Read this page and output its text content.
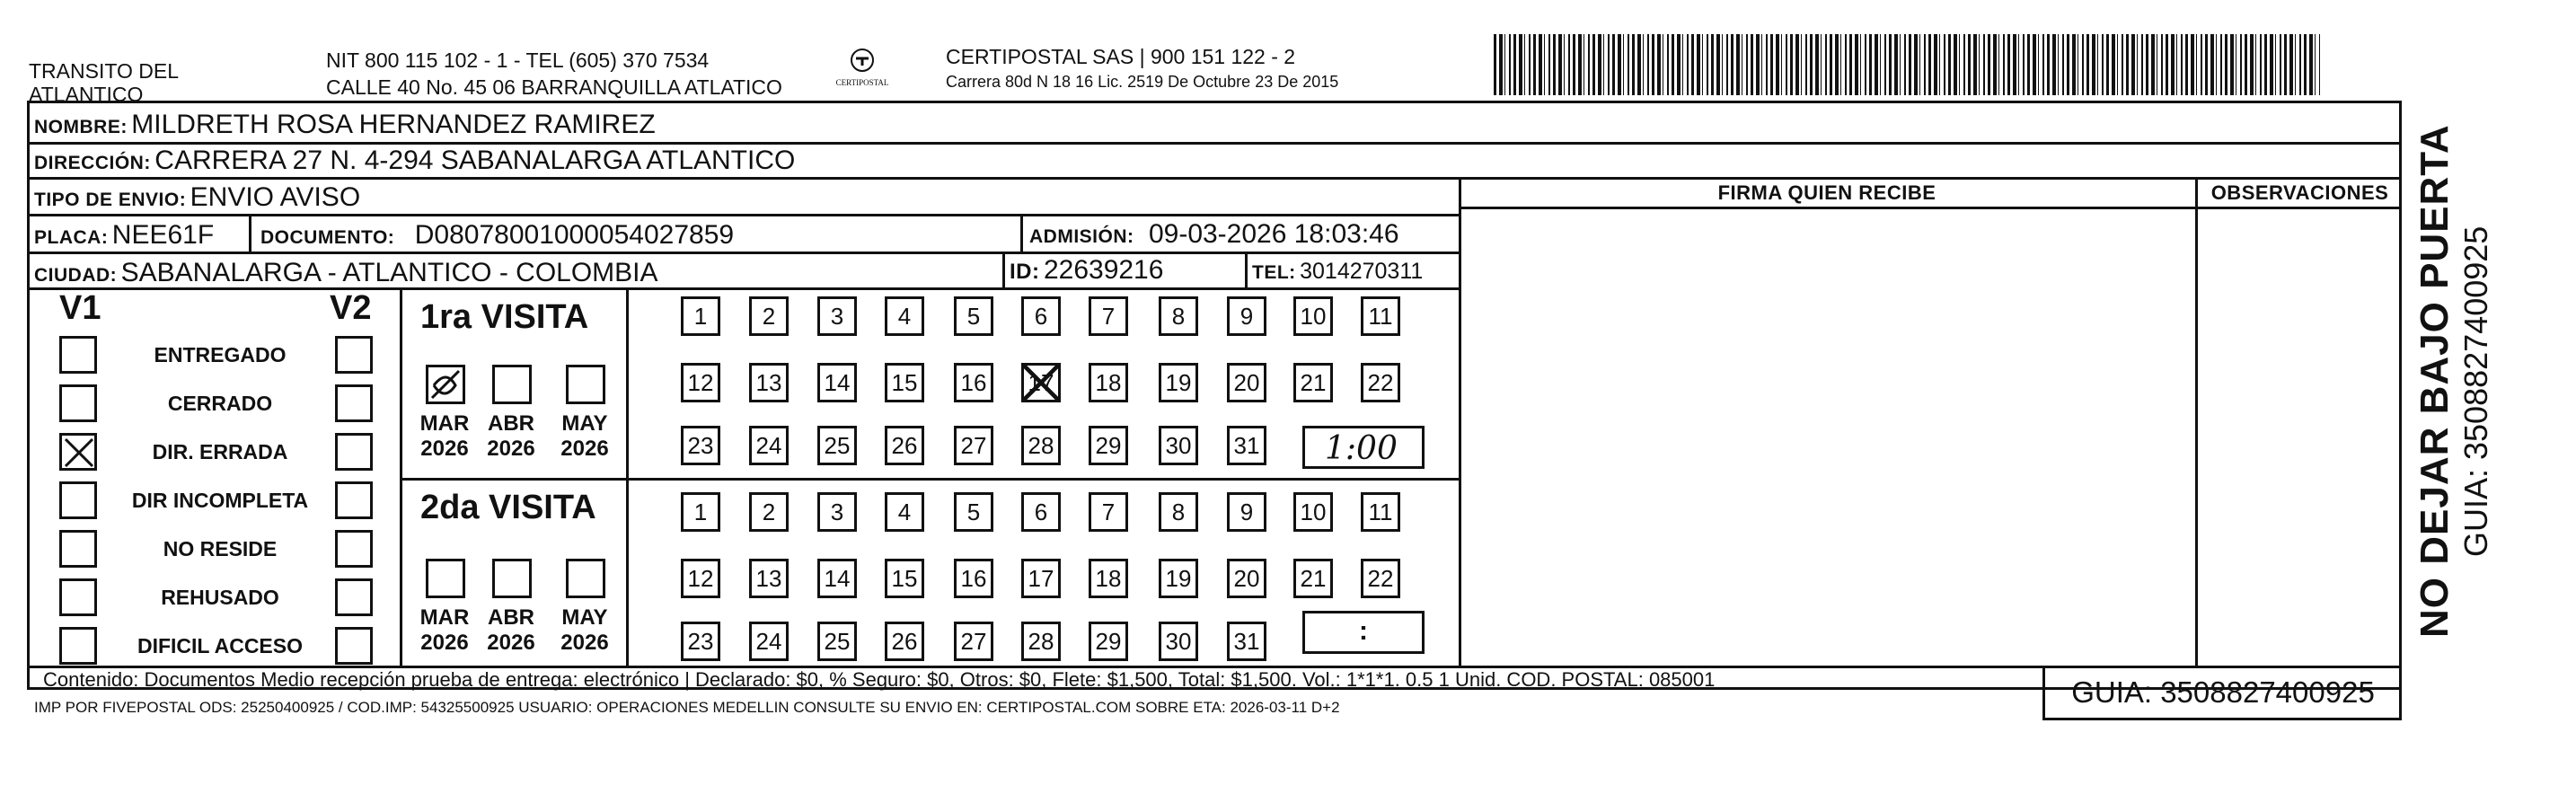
TRANSITO DEL
ATLANTICO
NIT 800 115 102 - 1 - TEL (605) 370 7534
CALLE 40 No. 45 06 BARRANQUILLA ATLATICO	CERTIPOSTAL
CERTIPOSTAL SAS | 900 151 122 - 2
Carrera 80d N 18 16 Lic. 2519 De Octubre 23 De 2015
NOMBRE: MILDRETH ROSA HERNANDEZ RAMIREZ
DIRECCIÓN: CARRERA 27 N. 4-294 SABANALARGA ATLANTICO
TIPO DE ENVIO: ENVIO AVISO	FIRMA QUIEN RECIBE	OBSERVACIONES
PLACA: NEE61F DOCUMENTO: D08078001000054027859	ADMISIÓN: 09-03-2026 18:03:46
CIUDAD: SABANALARGA - ATLANTICO - COLOMBIA	ID: 22639216	TEL: 3014270311
V1	V2
ENTREGADO
CERRADO
DIR. ERRADA
DIR INCOMPLETA
NO RESIDE
REHUSADO
DIFICIL ACCESO
1ra VISITA
2da VISITA
MAR
2026
ABR
2026
MAY
2026
MAR
2026
ABR
2026
MAY
2026
1	2	3	4	5	6	7	8	9	10	11
12 13 14 15 16 17 18 19 20 21 22
23 24 25 26 27 28 29 30 31
1	2	3	4	5	6	7	8	9	10	11
12 13 14 15 16 17 18 19 20 21 22
23 24 25 26 27 28 29 30 31
1:00
:
Contenido: Documentos Medio recepción prueba de entrega: electrónico | Declarado: $0, % Seguro: $0, Otros: $0, Flete: $1,500, Total: $1,500. Vol.: 1*1*1. 0.5 1 Unid. COD. POSTAL: 085001
IMP POR FIVEPOSTAL ODS: 25250400925 / COD.IMP: 54325500925 USUARIO: OPERACIONES MEDELLIN CONSULTE SU ENVIO EN: CERTIPOSTAL.COM SOBRE ETA: 2026-03-11 D+2	GUIA: 3508827400925
NO DEJAR BAJO PUERTA GUIA: 3508827400925
